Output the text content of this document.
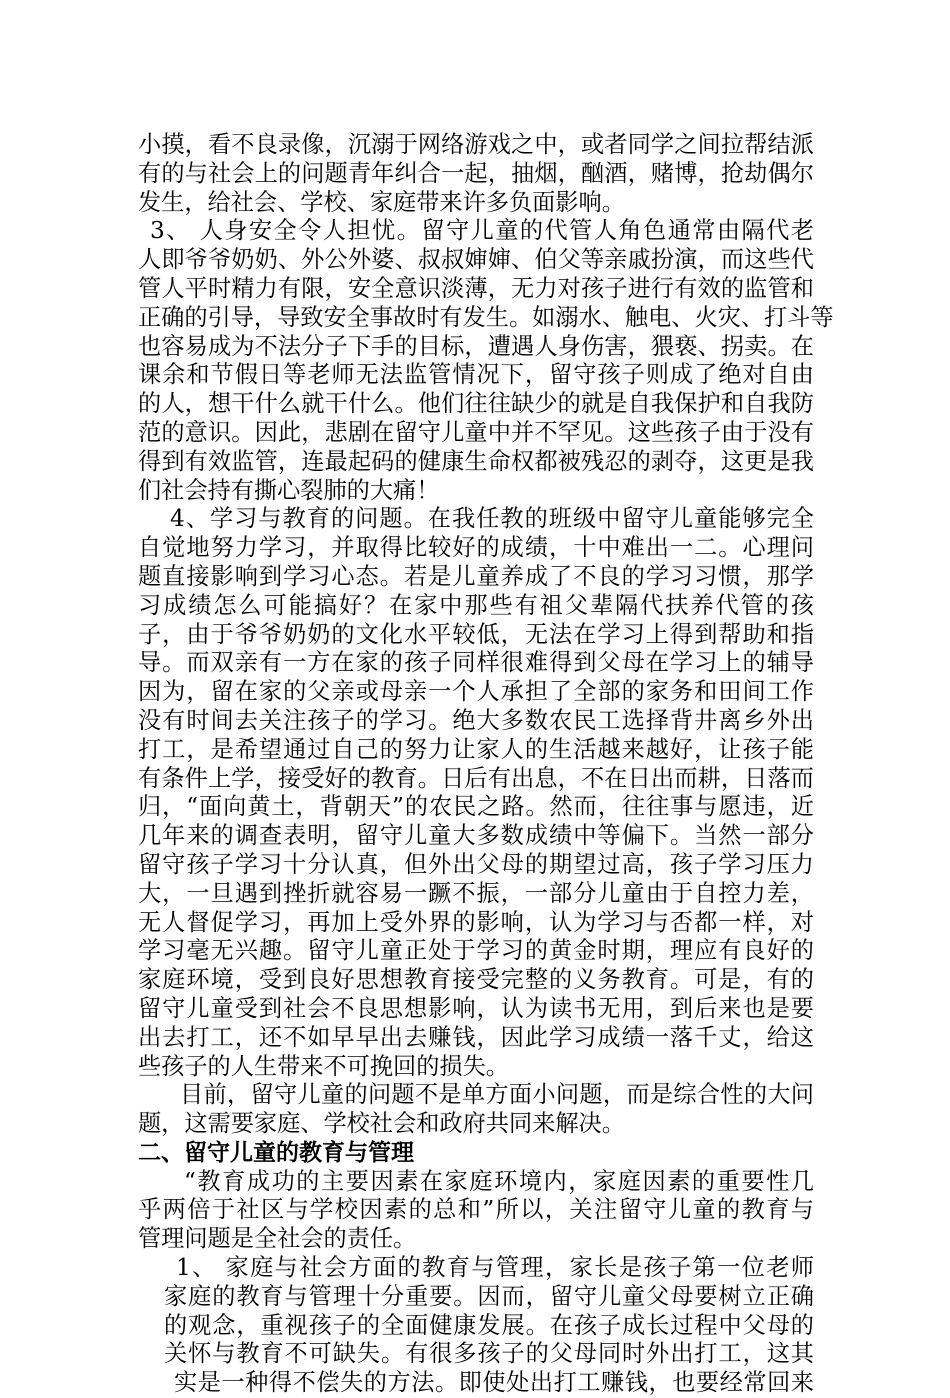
小摸，看不良录像，沉溺于网络游戏之中，或者同学之间拉帮结派
有的与社会上的问题青年纠合一起，抽烟，酗酒，赌博，抢劫偶尔
发生，给社会、学校、家庭带来许多负面影响。
3、 人身安全令人担忧。留守儿童的代管人角色通常由隔代老
人即爷爷奶奶、外公外婆、叔叔婶婶、伯父等亲戚扮演，而这些代
管人平时精力有限，安全意识淡薄，无力对孩子进行有效的监管和
正确的引导，导致安全事故时有发生。如溺水、触电、火灾、打斗等
也容易成为不法分子下手的目标，遭遇人身伤害，猥亵、拐卖。在
课余和节假日等老师无法监管情况下，留守孩子则成了绝对自由
的人，想干什么就干什么。他们往往缺少的就是自我保护和自我防
范的意识。因此，悲剧在留守儿童中并不罕见。这些孩子由于没有
得到有效监管，连最起码的健康生命权都被残忍的剥夺，这更是我
们社会持有撕心裂肺的大痛！
4、学习与教育的问题。在我任教的班级中留守儿童能够完全
自觉地努力学习，并取得比较好的成绩，十中难出一二。心理问
题直接影响到学习心态。若是儿童养成了不良的学习习惯，那学
习成绩怎么可能搞好？在家中那些有祖父辈隔代扶养代管的孩
子，由于爷爷奶奶的文化水平较低，无法在学习上得到帮助和指
导。而双亲有一方在家的孩子同样很难得到父母在学习上的辅导
因为，留在家的父亲或母亲一个人承担了全部的家务和田间工作
没有时间去关注孩子的学习。绝大多数农民工选择背井离乡外出
打工，是希望通过自己的努力让家人的生活越来越好，让孩子能
有条件上学，接受好的教育。日后有出息，不在日出而耕，日落而
归，“面向黄土，背朝天”的农民之路。然而，往往事与愿违，近
几年来的调查表明，留守儿童大多数成绩中等偏下。当然一部分
留守孩子学习十分认真，但外出父母的期望过高，孩子学习压力
大，一旦遇到挫折就容易一蹶不振，一部分儿童由于自控力差，
无人督促学习，再加上受外界的影响，认为学习与否都一样，对
学习毫无兴趣。留守儿童正处于学习的黄金时期，理应有良好的
家庭环境，受到良好思想教育接受完整的义务教育。可是，有的
留守儿童受到社会不良思想影响，认为读书无用，到后来也是要
出去打工，还不如早早出去赚钱，因此学习成绩一落千丈，给这
些孩子的人生带来不可挽回的损失。
目前，留守儿童的问题不是单方面小问题，而是综合性的大问
题，这需要家庭、学校社会和政府共同来解决。
二、留守儿童的教育与管理
“教育成功的主要因素在家庭环境内，家庭因素的重要性几
乎两倍于社区与学校因素的总和”所以，关注留守儿童的教育与
管理问题是全社会的责任。
1、 家庭与社会方面的教育与管理，家长是孩子第一位老师
家庭的教育与管理十分重要。因而，留守儿童父母要树立正确
的观念，重视孩子的全面健康发展。在孩子成长过程中父母的
关怀与教育不可缺失。有很多孩子的父母同时外出打工，这其
实是一种得不偿失的方法。即使处出打工赚钱，也要经常回来
